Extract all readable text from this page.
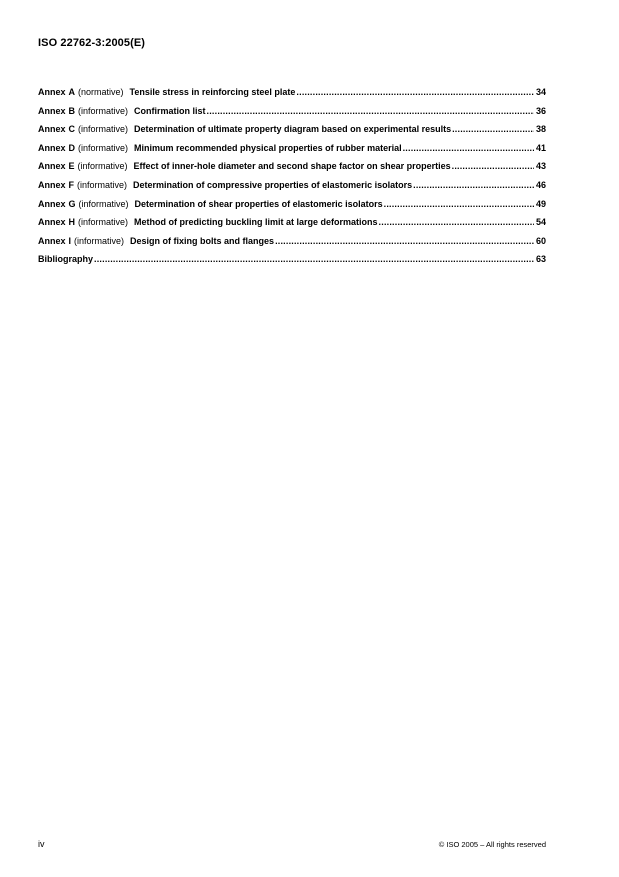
ISO 22762-3:2005(E)
Annex A (normative) Tensile stress in reinforcing steel plate .....	34
Annex B (informative) Confirmation list .....	36
Annex C (informative) Determination of ultimate property diagram based on experimental results .....	38
Annex D (informative) Minimum recommended physical properties of rubber material .....	41
Annex E (informative) Effect of inner-hole diameter and second shape factor on shear properties .....	43
Annex F (informative) Determination of compressive properties of elastomeric isolators .....	46
Annex G (informative) Determination of shear properties of elastomeric isolators .....	49
Annex H (informative) Method of predicting buckling limit at large deformations .....	54
Annex I (informative) Design of fixing bolts and flanges .....	60
Bibliography .....	63
iv	© ISO 2005 – All rights reserved
